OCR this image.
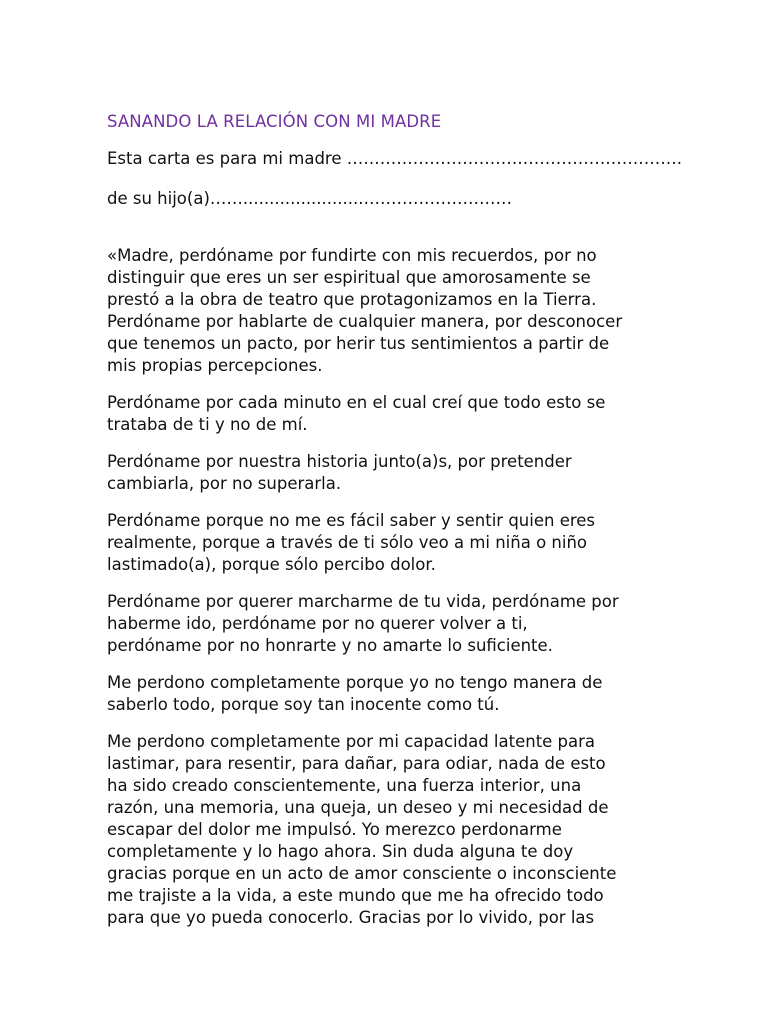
SANANDO LA RELACIÓN CON MI MADRE

Esta carta es para mi madre …………………………………………………….

de su hijo(a)…….......................………………………

«Madre, perdóname por fundirte con mis recuerdos, por no
distinguir que eres un ser espiritual que amorosamente se
prestó a la obra de teatro que protagonizamos en la Tierra.
Perdóname por hablarte de cualquier manera, por desconocer
que tenemos un pacto, por herir tus sentimientos a partir de
mis propias percepciones.

Perdóname por cada minuto en el cual creí que todo esto se
trataba de ti y no de mí.

Perdóname por nuestra historia junto(a)s, por pretender
cambiarla, por no superarla.

Perdóname porque no me es fácil saber y sentir quien eres
realmente, porque a través de ti sólo veo a mi niña o niño
lastimado(a), porque sólo percibo dolor.

Perdóname por querer marcharme de tu vida, perdóname por
haberme ido, perdóname por no querer volver a ti,
perdóname por no honrarte y no amarte lo suficiente.

Me perdono completamente porque yo no tengo manera de
saberlo todo, porque soy tan inocente como tú.

Me perdono completamente por mi capacidad latente para
lastimar, para resentir, para dañar, para odiar, nada de esto
ha sido creado conscientemente, una fuerza interior, una
razón, una memoria, una queja, un deseo y mi necesidad de
escapar del dolor me impulsó. Yo merezco perdonarme
completamente y lo hago ahora. Sin duda alguna te doy
gracias porque en un acto de amor consciente o inconsciente
me trajiste a la vida, a este mundo que me ha ofrecido todo
para que yo pueda conocerlo. Gracias por lo vivido, por las
